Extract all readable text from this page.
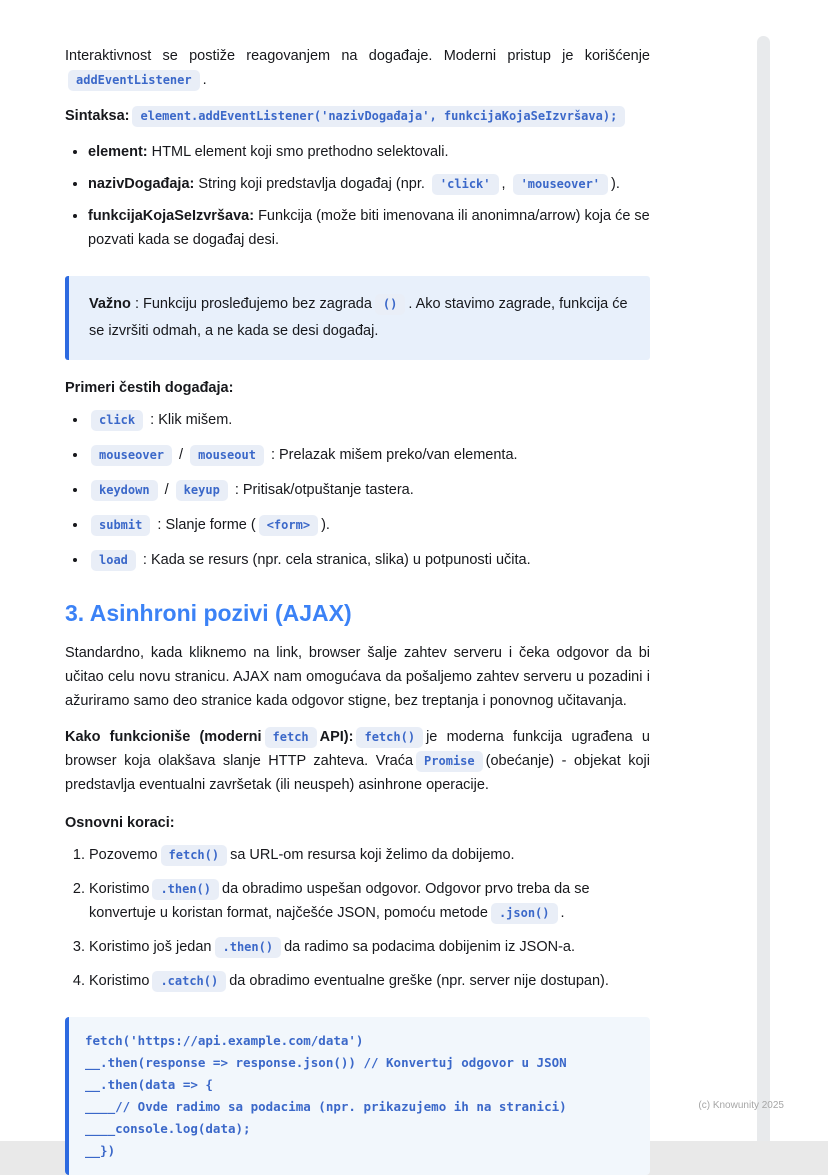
Interaktivnost se postiže reagovanjem na događaje. Moderni pristup je korišćenjeaddEventListener .

Sintaksa: element.addEventListener('nazivDogađaja', funkcijaKojaSeIzvršava);

• element: HTML element koji smo prethodno selektovali.
• nazivDogađaja: String koji predstavlja događaj (npr. 'click' , 'mouseover' ).
• funkcijaKojaSeIzvršava: Funkcija (može biti imenovana ili anonimna/arrow) koja će se pozvati kada se događaj desi.

Važno : Funkciju prosleđujemo bez zagrada () . Ako stavimo zagrade, funkcija će se izvršiti odmah, a ne kada se desi događaj.

Primeri čestih događaja:

• click : Klik mišem.
• mouseover / mouseout : Prelazak mišem preko/van elementa.
• keydown / keyup : Pritisak/otpuštanje tastera.
• submit : Slanje forme ( <form> ).
• load : Kada se resurs (npr. cela stranica, slika) u potpunosti učita.
3. Asinhroni pozivi (AJAX)

Standardno, kada kliknemo na link, browser šalje zahtev serveru i čeka odgovor da bi učitao celu novu stranicu. AJAX nam omogućava da pošaljemo zahtev serveru u pozadini i ažuriramo samo deo stranice kada odgovor stigne, bez treptanja i ponovnog učitavanja.

Kako funkcioniše (moderni fetch API): fetch() je moderna funkcija ugrađena u browser koja olakšava slanje HTTP zahteva. Vraća Promise (obećanje) - objekat koji predstavlja eventualni završetak (ili neuspeh) asinhrone operacije.

Osnovni koraci:

1. Pozovemo fetch() sa URL-om resursa koji želimo da dobijemo.
2. Koristimo .then() da obradimo uspešan odgovor. Odgovor prvo treba da se konvertuje u koristan format, najčešće JSON, pomoću metode .json() .
3. Koristimo još jedan .then() da radimo sa podacima dobijenim iz JSON-a.
4. Koristimo .catch() da obradimo eventualne greške (npr. server nije dostupan).
fetch('https://api.example.com/data')
__.then(response => response.json()) // Konvertuj odgovor u JSON
__.then(data => {
____// Ovde radimo sa podacima (npr. prikazujemo ih na stranici)
____console.log(data);
__})
(c) Knowunity 2025
